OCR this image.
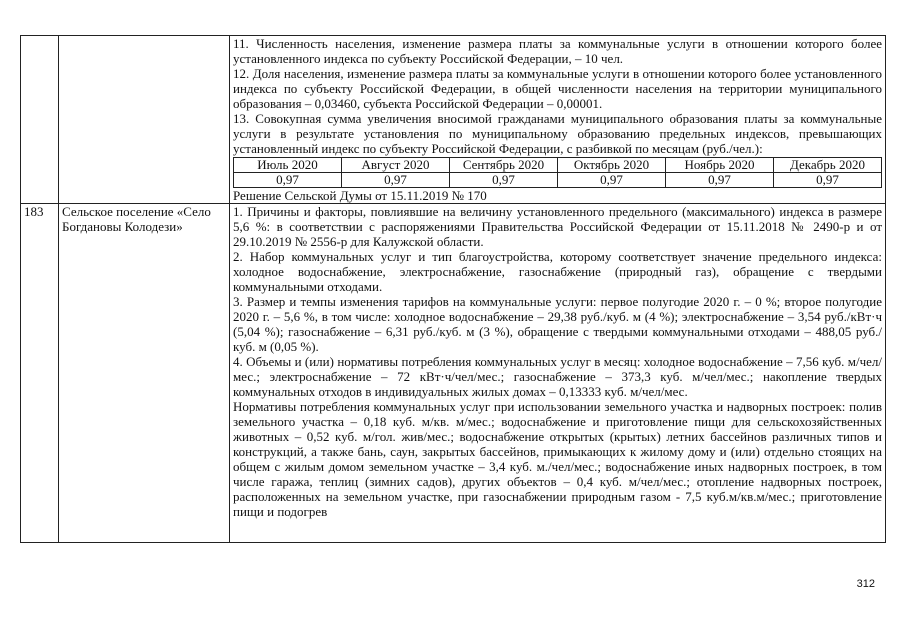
11. Численность населения, изменение размера платы за коммунальные услуги в отношении которого более установленного индекса по субъекту Российской Федерации, – 10 чел.

12. Доля населения, изменение размера платы за коммунальные услуги в отношении которого более установленного индекса по субъекту Российской Федерации, в общей численности населения на территории муниципального образования – 0,03460, субъекта Российской Федерации – 0,00001.

13. Совокупная сумма увеличения вносимой гражданами муниципального образования платы за коммунальные услуги в результате установления по муниципальному образованию предельных индексов, превышающих установленный индекс по субъекту Российской Федерации, с разбивкой по месяцам (руб./чел.):

Июль 2020	Август 2020	Сентябрь 2020	Октябрь 2020	Ноябрь 2020	Декабрь 2020
0,97	0,97	0,97	0,97	0,97	0,97

Решение Сельской Думы от 15.11.2019 № 170

183	Сельское поселение «Село Богдановы Колодези»	

1. Причины и факторы, повлиявшие на величину установленного предельного (максимального) индекса в размере 5,6 %: в соответствии с распоряжениями Правительства Российской Федерации от 15.11.2018 № 2490-р и от 29.10.2019 № 2556-р для Калужской области.

2. Набор коммунальных услуг и тип благоустройства, которому соответствует значение предельного индекса: холодное водоснабжение, электроснабжение, газоснабжение (природный газ), обращение с твердыми коммунальными отходами.

3. Размер и темпы изменения тарифов на коммунальные услуги: первое полугодие 2020 г. – 0 %; второе полугодие 2020 г. – 5,6 %, в том числе: холодное водоснабжение – 29,38 руб./куб. м (4 %); электроснабжение – 3,54 руб./кВт·ч (5,04 %); газоснабжение – 6,31 руб./куб. м (3 %), обращение с твердыми коммунальными отходами – 488,05 руб./куб. м (0,05 %).

4. Объемы и (или) нормативы потребления коммунальных услуг в месяц: холодное водоснабжение – 7,56 куб. м/чел/мес.; электроснабжение – 72 кВт·ч/чел/мес.; газоснабжение – 373,3 куб. м/чел/мес.; накопление твердых коммунальных отходов в индивидуальных жилых домах – 0,13333 куб. м/чел/мес.

Нормативы потребления коммунальных услуг при использовании земельного участка и надворных построек: полив земельного участка – 0,18 куб. м/кв. м/мес.; водоснабжение и приготовление пищи для сельскохозяйственных животных – 0,52 куб. м/гол. жив/мес.; водоснабжение открытых (крытых) летних бассейнов различных типов и конструкций, а также бань, саун, закрытых бассейнов, примыкающих к жилому дому и (или) отдельно стоящих на общем с жилым домом земельном участке – 3,4 куб. м./чел/мес.; водоснабжение иных надворных построек, в том числе гаража, теплиц (зимних садов), других объектов – 0,4 куб. м/чел/мес.; отопление надворных построек, расположенных на земельном участке, при газоснабжении природным газом - 7,5 куб.м/кв.м/мес.; приготовление пищи и подогрев

312
